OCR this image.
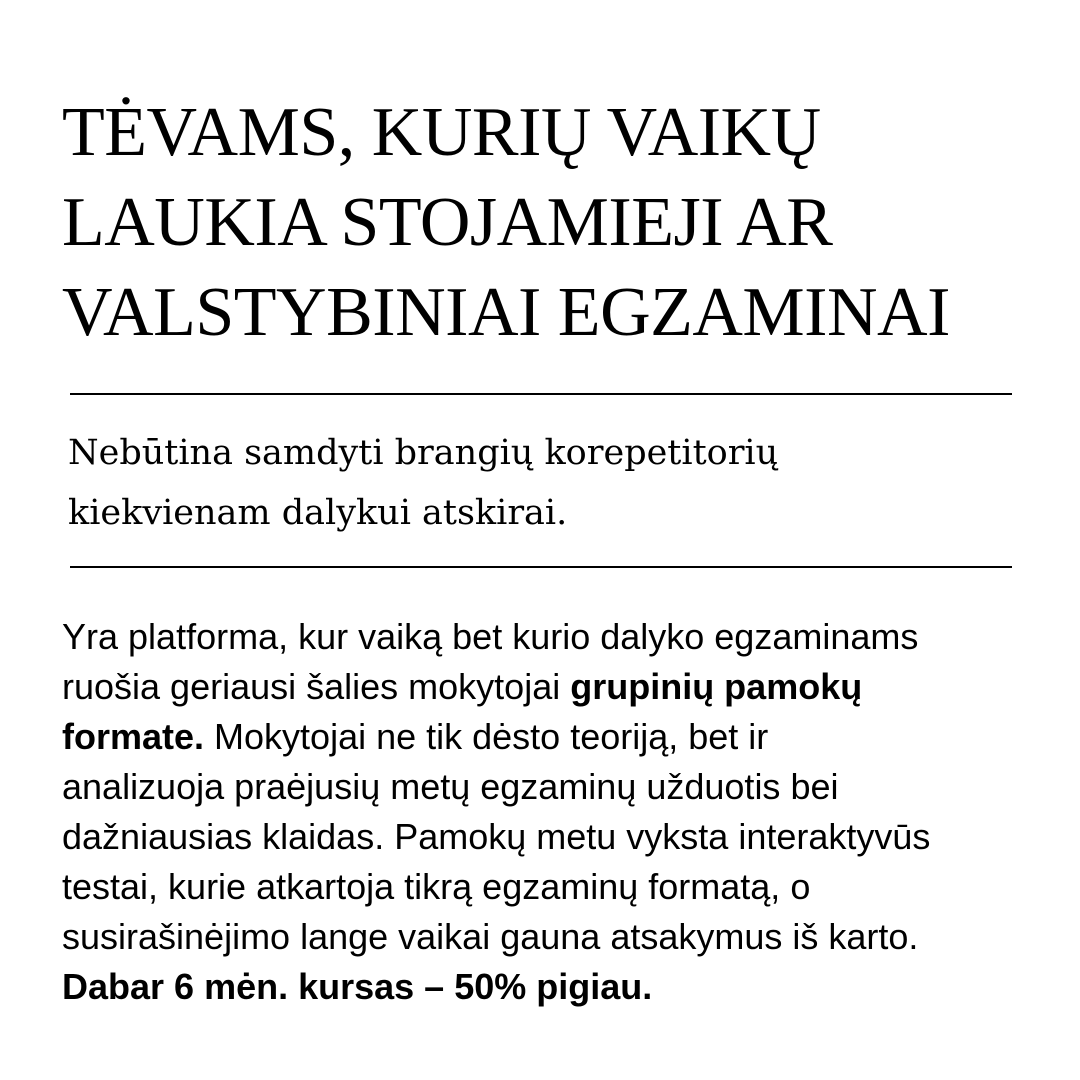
TĖVAMS, KURIŲ VAIKŲ
LAUKIA STOJAMIEJI AR
VALSTYBINIAI EGZAMINAI

Nebūtina samdyti brangių korepetitorių
kiekvienam dalykui atskirai.

Yra platforma, kur vaiką bet kurio dalyko egzaminams
ruošia geriausi šalies mokytojai grupinių pamokų
formate. Mokytojai ne tik dėsto teoriją, bet ir
analizuoja praėjusių metų egzaminų užduotis bei
dažniausias klaidas. Pamokų metu vyksta interaktyvūs
testai, kurie atkartoja tikrą egzaminų formatą, o
susirašinėjimo lange vaikai gauna atsakymus iš karto.
Dabar 6 mėn. kursas – 50% pigiau.
